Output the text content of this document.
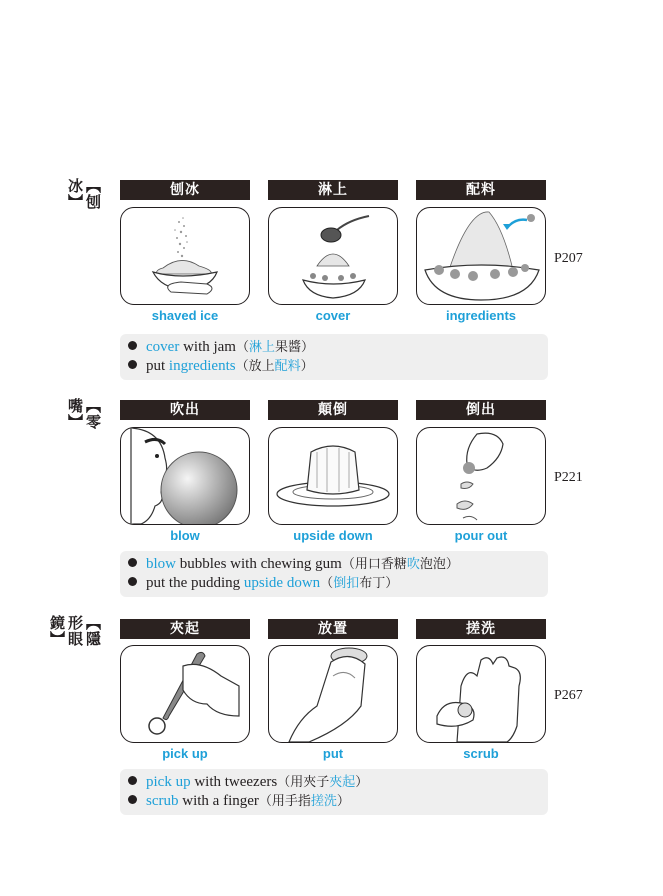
【刨冰】	刨冰	淋上	配料
shaved ice	cover	ingredients
P207
cover with jam（淋上果醬）
put ingredients（放上配料）
【零嘴】	吹出	顛倒	倒出
blow	upside down	pour out
P221
blow bubbles with chewing gum（用口香糖吹泡泡）
put the pudding upside down（倒扣布丁）
【隱形眼鏡】	夾起	放置	搓洗
pick up	put	scrub
P267
pick up with tweezers（用夾子夾起）
scrub with a finger（用手指搓洗）
